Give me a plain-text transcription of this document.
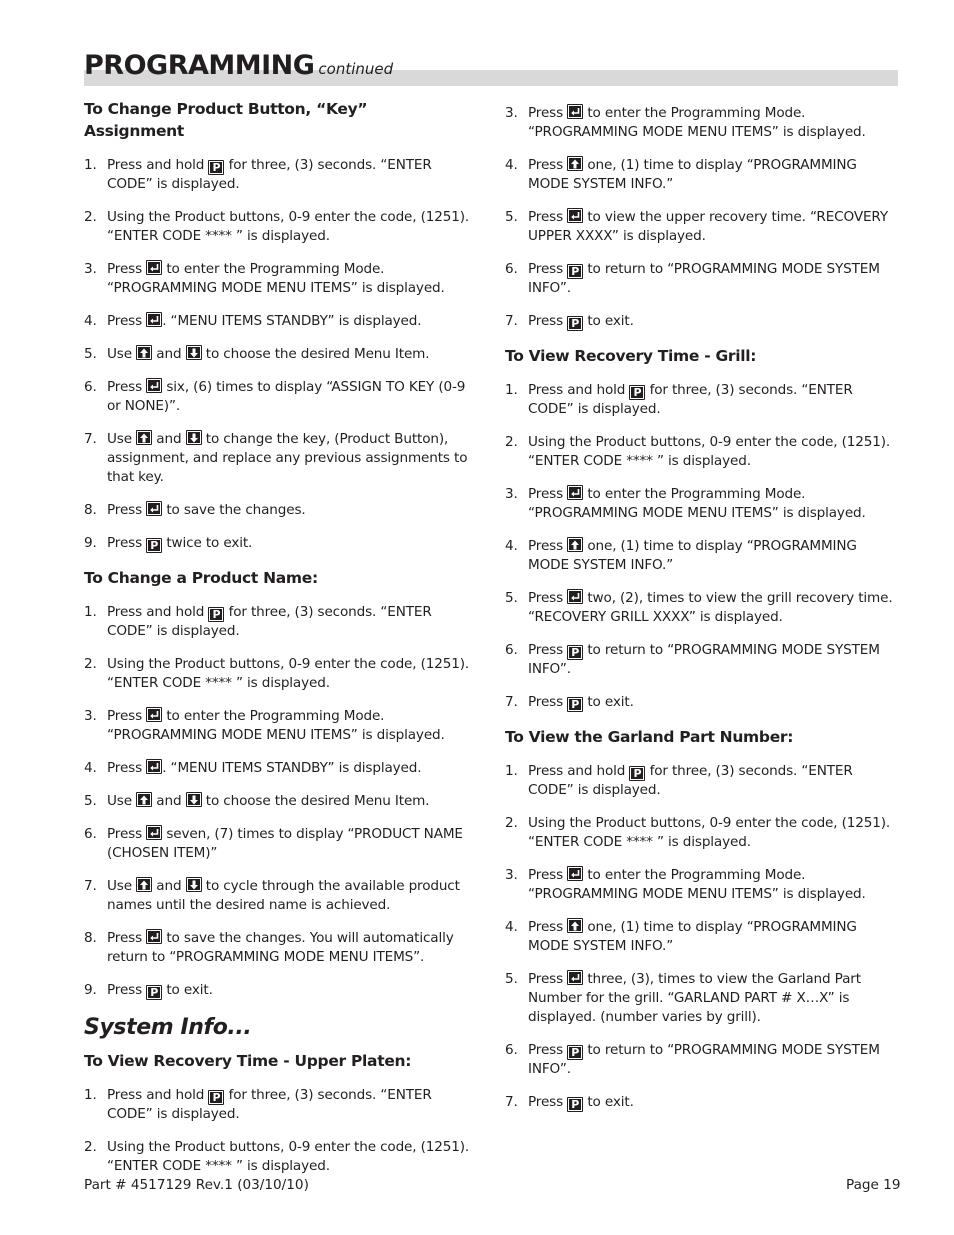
PROGRAMMING continued
To Change Product Button, “Key” Assignment
1. Press and hold P for three, (3) seconds. “ENTER CODE” is displayed.
2. Using the Product buttons, 0-9 enter the code, (1251). “ENTER CODE **** ” is displayed.
3. Press
to enter the Programming Mode. “PROGRAMMING MODE MENU ITEMS” is displayed.
4. Press
. “MENU ITEMS STANDBY” is displayed.
5. Use
and
to choose the desired Menu Item.
6. Press
six, (6) times to display “ASSIGN TO KEY (0-9 or NONE)”.
7. Use
and
to change the key, (Product Button), assignment, and replace any previous assignments to that key.
8. Press
to save the changes.
9. Press P twice to exit.
To Change a Product Name:
1. Press and hold P for three, (3) seconds. “ENTER CODE” is displayed.
2. Using the Product buttons, 0-9 enter the code, (1251). “ENTER CODE **** ” is displayed.
3. Press
to enter the Programming Mode. “PROGRAMMING MODE MENU ITEMS” is displayed.
4. Press
. “MENU ITEMS STANDBY” is displayed.
5. Use
and
to choose the desired Menu Item.
6. Press
seven, (7) times to display “PRODUCT NAME (CHOSEN ITEM)”
7. Use
and
to cycle through the available product names until the desired name is achieved.
8. Press
to save the changes. You will automatically return to “PROGRAMMING MODE MENU ITEMS”.
9. Press P to exit.
System Info...
To View Recovery Time - Upper Platen:
1. Press and hold P for three, (3) seconds. “ENTER CODE” is displayed.
2. Using the Product buttons, 0-9 enter the code, (1251). “ENTER CODE **** ” is displayed.
3. Press
to enter the Programming Mode. “PROGRAMMING MODE MENU ITEMS” is displayed.
4. Press
one, (1) time to display “PROGRAMMING MODE SYSTEM INFO.”
5. Press
to view the upper recovery time. “RECOVERY UPPER XXXX” is displayed.
6. Press P to return to “PROGRAMMING MODE SYSTEM INFO”.
7. Press P to exit.
To View Recovery Time - Grill:
1. Press and hold P for three, (3) seconds. “ENTER CODE” is displayed.
2. Using the Product buttons, 0-9 enter the code, (1251). “ENTER CODE **** ” is displayed.
3. Press
to enter the Programming Mode. “PROGRAMMING MODE MENU ITEMS” is displayed.
4. Press
one, (1) time to display “PROGRAMMING MODE SYSTEM INFO.”
5. Press
two, (2), times to view the grill recovery time. “RECOVERY GRILL XXXX” is displayed.
6. Press P to return to “PROGRAMMING MODE SYSTEM INFO”.
7. Press P to exit.
To View the Garland Part Number:
1. Press and hold P for three, (3) seconds. “ENTER CODE” is displayed.
2. Using the Product buttons, 0-9 enter the code, (1251). “ENTER CODE **** ” is displayed.
3. Press
to enter the Programming Mode. “PROGRAMMING MODE MENU ITEMS” is displayed.
4. Press
one, (1) time to display “PROGRAMMING MODE SYSTEM INFO.”
5. Press
three, (3), times to view the Garland Part Number for the grill. “GARLAND PART # X…X” is displayed. (number varies by grill).
6. Press P to return to “PROGRAMMING MODE SYSTEM INFO”.
7. Press P to exit.
Part # 4517129 Rev.1 (03/10/10)	Page 19
